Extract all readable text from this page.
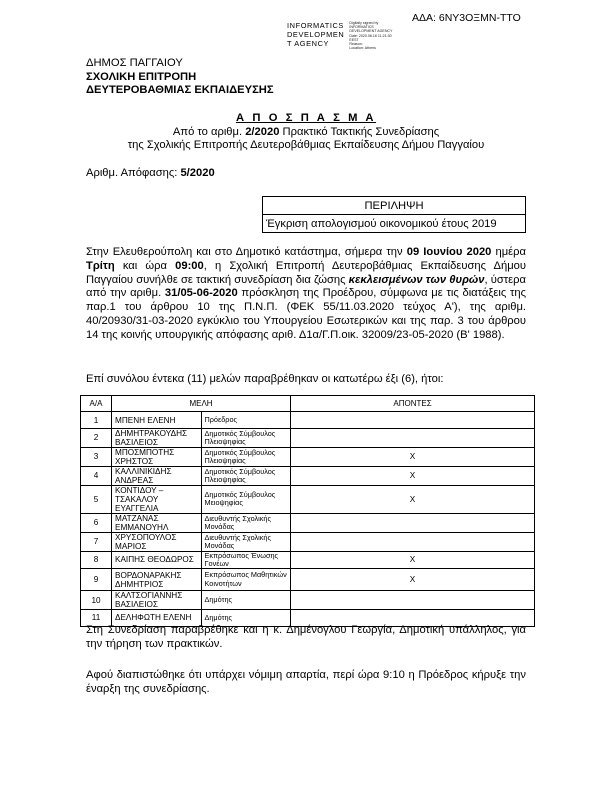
ΑΔΑ: 6ΝΥ3ΟΞΜΝ-ΤΤΟ
INFORMATICS
DEVELOPMEN
T AGENCY
Digitally signed by
INFORMATICS
DEVELOPMENT AGENCY
Date: 2020.06.16 11:21:30
EEST
Reason:
Location: Athens
ΔΗΜΟΣ ΠΑΓΓΑΙΟΥ
ΣΧΟΛΙΚΗ ΕΠΙΤΡΟΠΗ
ΔΕΥΤΕΡΟΒΑΘΜΙΑΣ ΕΚΠΑΙΔΕΥΣΗΣ
Α Π Ο Σ Π Α Σ Μ Α
Από το αριθμ. 2/2020 Πρακτικό Τακτικής Συνεδρίασης
της Σχολικής Επιτροπής Δευτεροβάθμιας Εκπαίδευσης Δήμου Παγγαίου
Αριθμ. Απόφασης: 5/2020
ΠΕΡΙΛΗΨΗ
Έγκριση απολογισμού οικονομικού έτους 2019
Στην Ελευθερούπολη και στο Δημοτικό κατάστημα, σήμερα την 09 Ιουνίου 2020 ημέρα Τρίτη και ώρα 09:00, η Σχολική Επιτροπή Δευτεροβάθμιας Εκπαίδευσης Δήμου Παγγαίου συνήλθε σε τακτική συνεδρίαση δια ζώσης κεκλεισμένων των θυρών, ύστερα από την αριθμ. 31/05-06-2020 πρόσκληση της Προέδρου, σύμφωνα με τις διατάξεις της παρ.1 του άρθρου 10 της Π.Ν.Π. (ΦΕΚ 55/11.03.2020 τεύχος Α'), της αριθμ. 40/20930/31-03-2020 εγκύκλιο του Υπουργείου Εσωτερικών και της παρ. 3 του άρθρου 14 της κοινής υπουργικής απόφασης αριθ. Δ1α/Γ.Π.οικ. 32009/23-05-2020 (Β' 1988).
Επί συνόλου έντεκα (11) μελών παραβρέθηκαν οι κατωτέρω έξι (6), ήτοι:
Α/Α	ΜΕΛΗ		ΑΠΟΝΤΕΣ
1	ΜΠΕΝΗ ΕΛΕΝΗ	Πρόεδρος	
2	ΔΗΜΗΤΡΑΚΟΥΔΗΣ ΒΑΣΙΛΕΙΟΣ	Δημοτικός Σύμβουλος Πλειοψηφίας	
3	ΜΠΟΣΜΠΟΤΗΣ ΧΡΗΣΤΟΣ	Δημοτικός Σύμβουλος Πλειοψηφίας	Χ
4	ΚΑΛΛΙΝΙΚΙΔΗΣ ΑΝΔΡΕΑΣ	Δημοτικός Σύμβουλος Πλειοψηφίας	Χ
5	ΚΟΝΤΙΔΟΥ – ΤΣΑΚΑΛΟΥ ΕΥΑΓΓΕΛΙΑ	Δημοτικός Σύμβουλος Μειοψηφίας	Χ
6	ΜΑΤΖΑΝΑΣ ΕΜΜΑΝΟΥΗΛ	Διευθυντής Σχολικής Μονάδας	
7	ΧΡΥΣΟΠΟΥΛΟΣ ΜΑΡΙΟΣ	Διευθυντής Σχολικής Μονάδας	
8	ΚΑΙΠΗΣ ΘΕΟΔΩΡΟΣ	Εκπρόσωπος Ένωσης Γονέων	Χ
9	ΒΟΡΔΟΝΑΡΑΚΗΣ ΔΗΜΗΤΡΙΟΣ	Εκπρόσωπος Μαθητικών Κοινοτήτων	Χ
10	ΚΑΛΤΣΟΓΙΑΝΝΗΣ ΒΑΣΙΛΕΙΟΣ	Δημότης	
11	ΔΕΛΗΦΩΤΗ ΕΛΕΝΗ	Δημότης	
Στη Συνεδρίαση παραβρέθηκε και η κ. Δημένογλου Γεωργία, Δημοτική υπάλληλος, για την τήρηση των πρακτικών.
Αφού διαπιστώθηκε ότι υπάρχει νόμιμη απαρτία, περί ώρα 9:10 η Πρόεδρος κήρυξε την έναρξη της συνεδρίασης.
